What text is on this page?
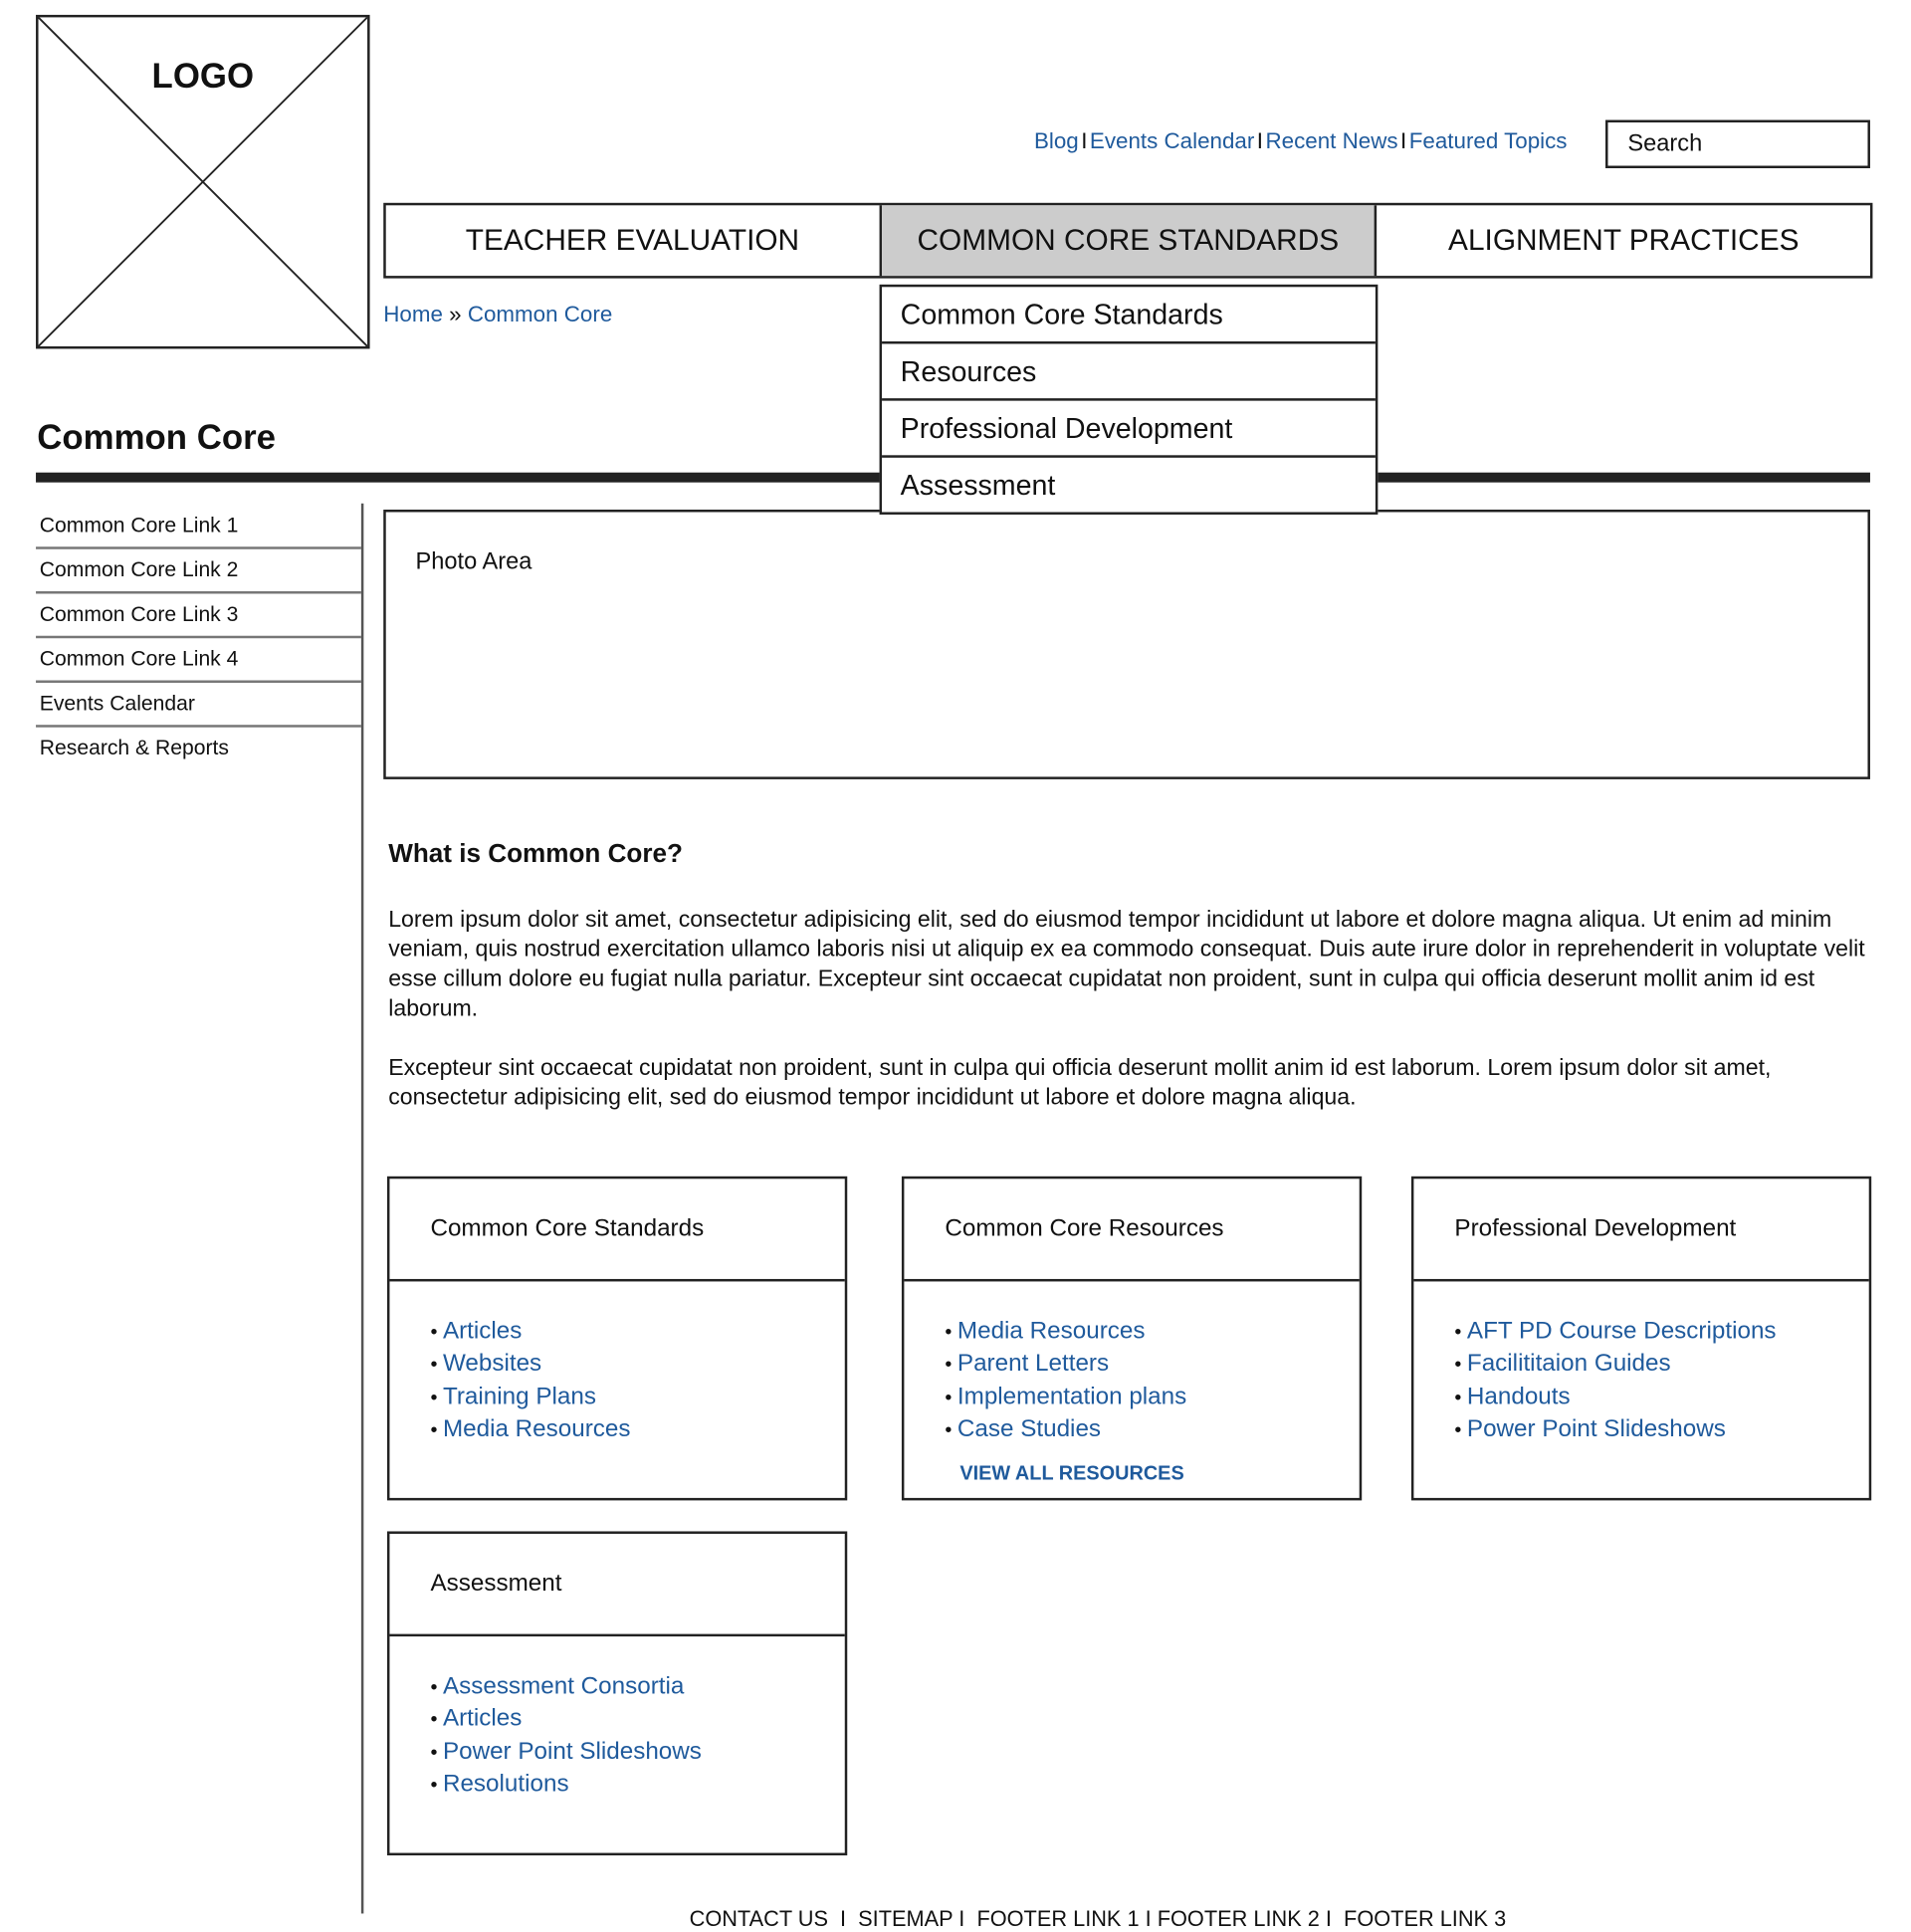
LOGO
Blog I Events Calendar I Recent News I Featured Topics	Search
TEACHER EVALUATION	COMMON CORE STANDARDS	ALIGNMENT PRACTICES
Home » Common Core	Common Core Standards
Resources
Professional Development
Assessment
Common Core
Common Core Link 1
Common Core Link 2
Common Core Link 3
Common Core Link 4
Events Calendar
Research & Reports
Photo Area
What is Common Core?
Lorem ipsum dolor sit amet, consectetur adipisicing elit, sed do eiusmod tempor incididunt ut labore et dolore magna aliqua. Ut enim ad minim veniam, quis nostrud exercitation ullamco laboris nisi ut aliquip ex ea commodo consequat. Duis aute irure dolor in reprehenderit in voluptate velit esse cillum dolore eu fugiat nulla pariatur. Excepteur sint occaecat cupidatat non proident, sunt in culpa qui officia deserunt mollit anim id est laborum.
Excepteur sint occaecat cupidatat non proident, sunt in culpa qui officia deserunt mollit anim id est laborum. Lorem ipsum dolor sit amet, consectetur adipisicing elit, sed do eiusmod tempor incididunt ut labore et dolore magna aliqua.
Common Core Standards
• Articles
• Websites
• Training Plans
• Media Resources
Common Core Resources
• Media Resources
• Parent Letters
• Implementation plans
• Case Studies
VIEW ALL RESOURCES
Professional Development
• AFT PD Course Descriptions
• Facilititaion Guides
• Handouts
• Power Point Slideshows
Assessment
• Assessment Consortia
• Articles
• Power Point Slideshows
• Resolutions
CONTACT US  I  SITEMAP I  FOOTER LINK 1 I FOOTER LINK 2 I  FOOTER LINK 3
